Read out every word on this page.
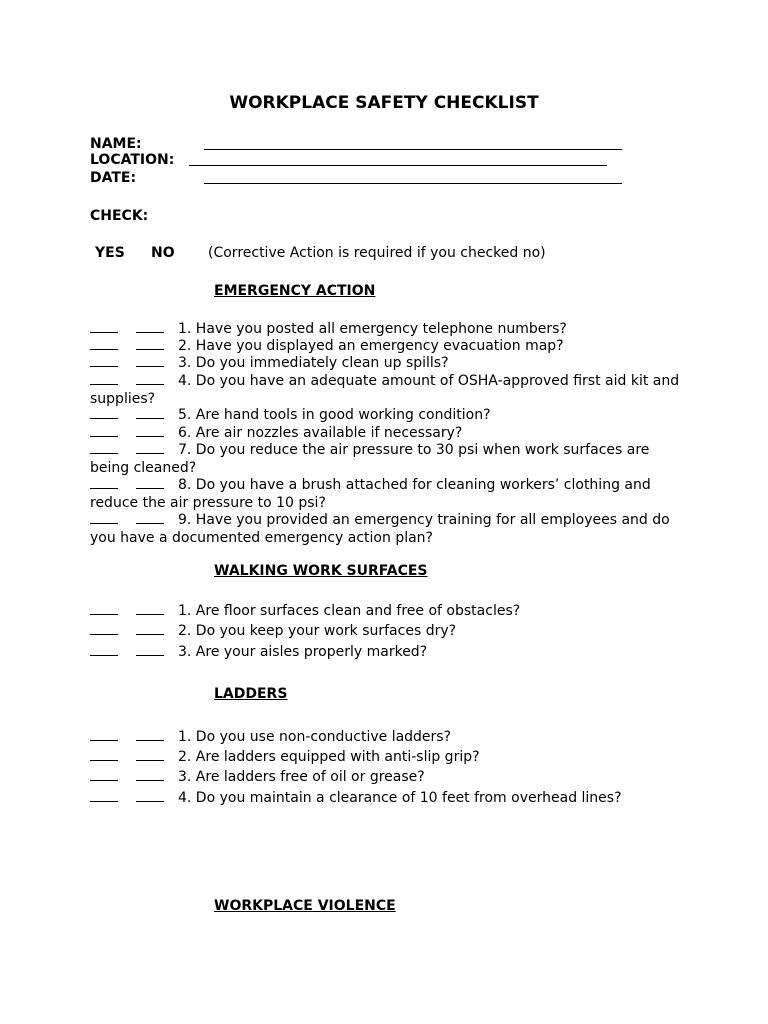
WORKPLACE SAFETY CHECKLIST
NAME:
LOCATION:
DATE:
CHECK:
YES NO (Corrective Action is required if you checked no)
EMERGENCY ACTION
1. Have you posted all emergency telephone numbers?
2. Have you displayed an emergency evacuation map?
3. Do you immediately clean up spills?
4. Do you have an adequate amount of OSHA-approved first aid kit and supplies?
5. Are hand tools in good working condition?
6. Are air nozzles available if necessary?
7. Do you reduce the air pressure to 30 psi when work surfaces are being cleaned?
8. Do you have a brush attached for cleaning workers’ clothing and reduce the air pressure to 10 psi?
9. Have you provided an emergency training for all employees and do you have a documented emergency action plan?
WALKING WORK SURFACES
1. Are floor surfaces clean and free of obstacles?
2. Do you keep your work surfaces dry?
3. Are your aisles properly marked?
LADDERS
1. Do you use non-conductive ladders?
2. Are ladders equipped with anti-slip grip?
3. Are ladders free of oil or grease?
4. Do you maintain a clearance of 10 feet from overhead lines?
WORKPLACE VIOLENCE
